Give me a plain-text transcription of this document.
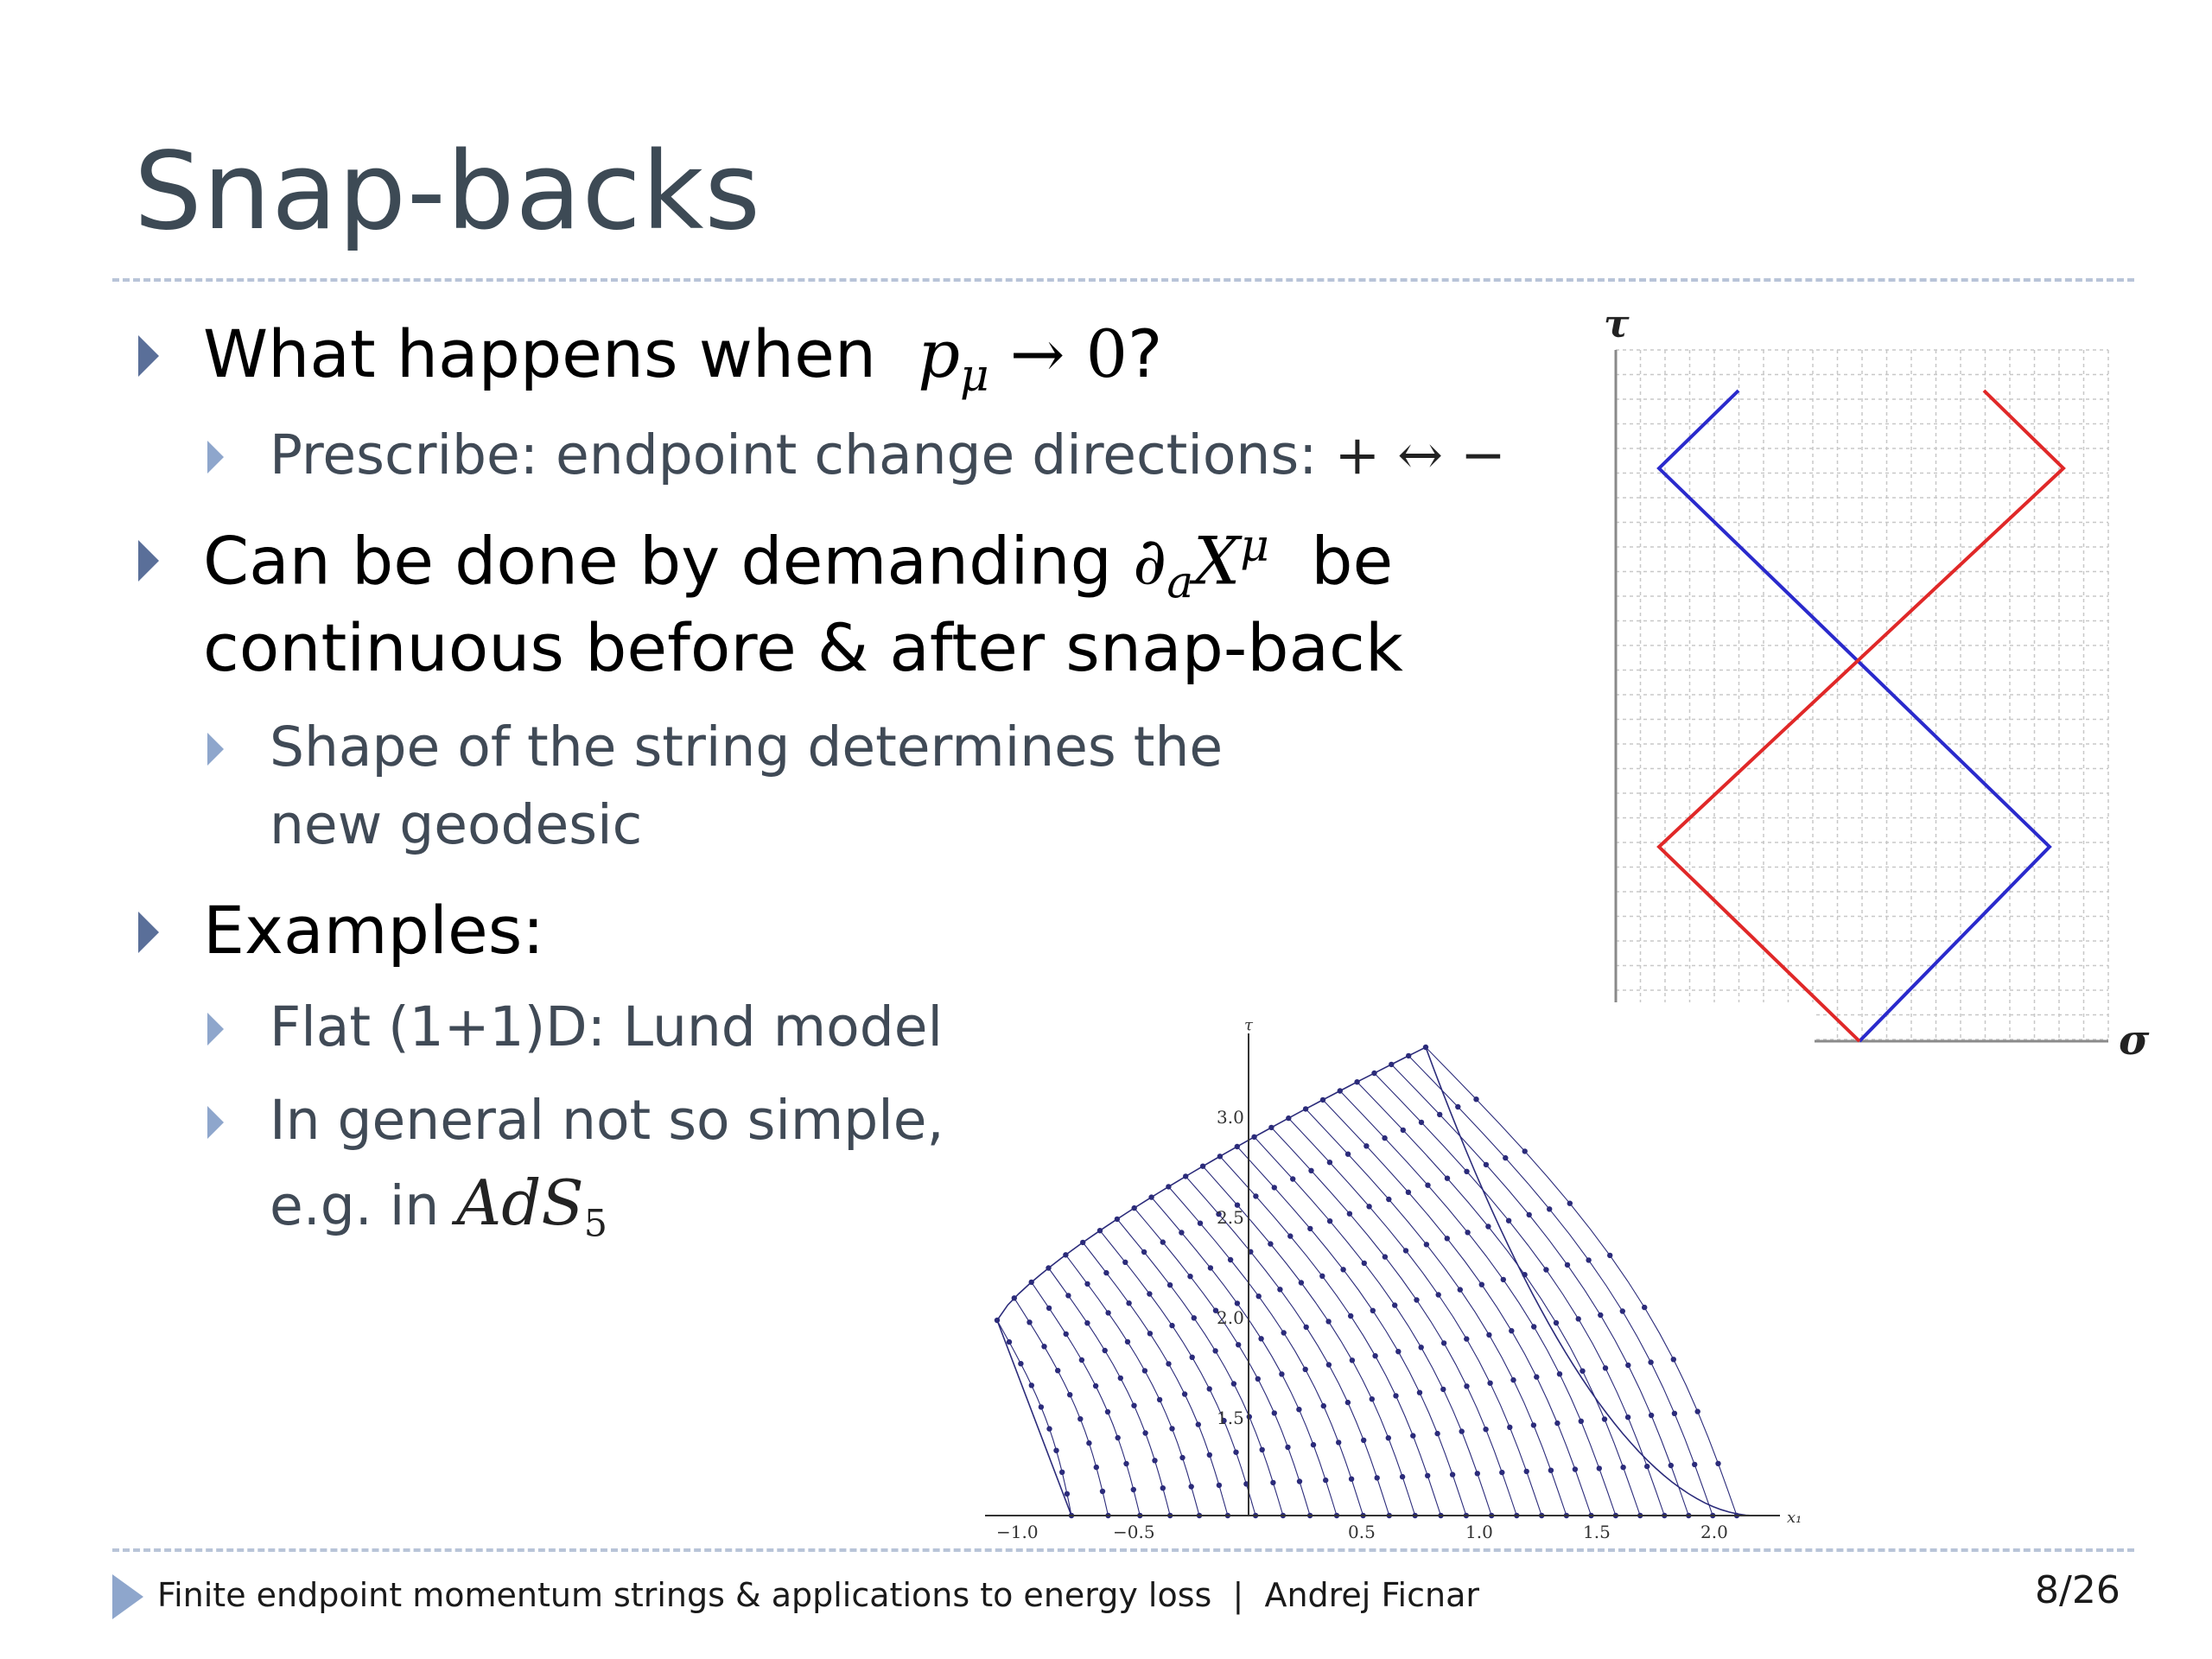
Snap-backs
What happens when $p_\mu \to 0$?
Prescribe: endpoint change directions: + ↔ −
Can be done by demanding $\partial_aX^\mu$ be
continuous before & after snap-back
Shape of the string determines the
new geodesic
Examples:
Flat (1+1)D: Lund model
In general not so simple,
e.g. in AdS$_5$
τ
σ
τ
x₁
3.0
2.5
2.0
1.5
−1.0	−0.5	0.5	1.0	1.5	2.0
Finite endpoint momentum strings & applications to energy loss  |  Andrej Ficnar	8/26
